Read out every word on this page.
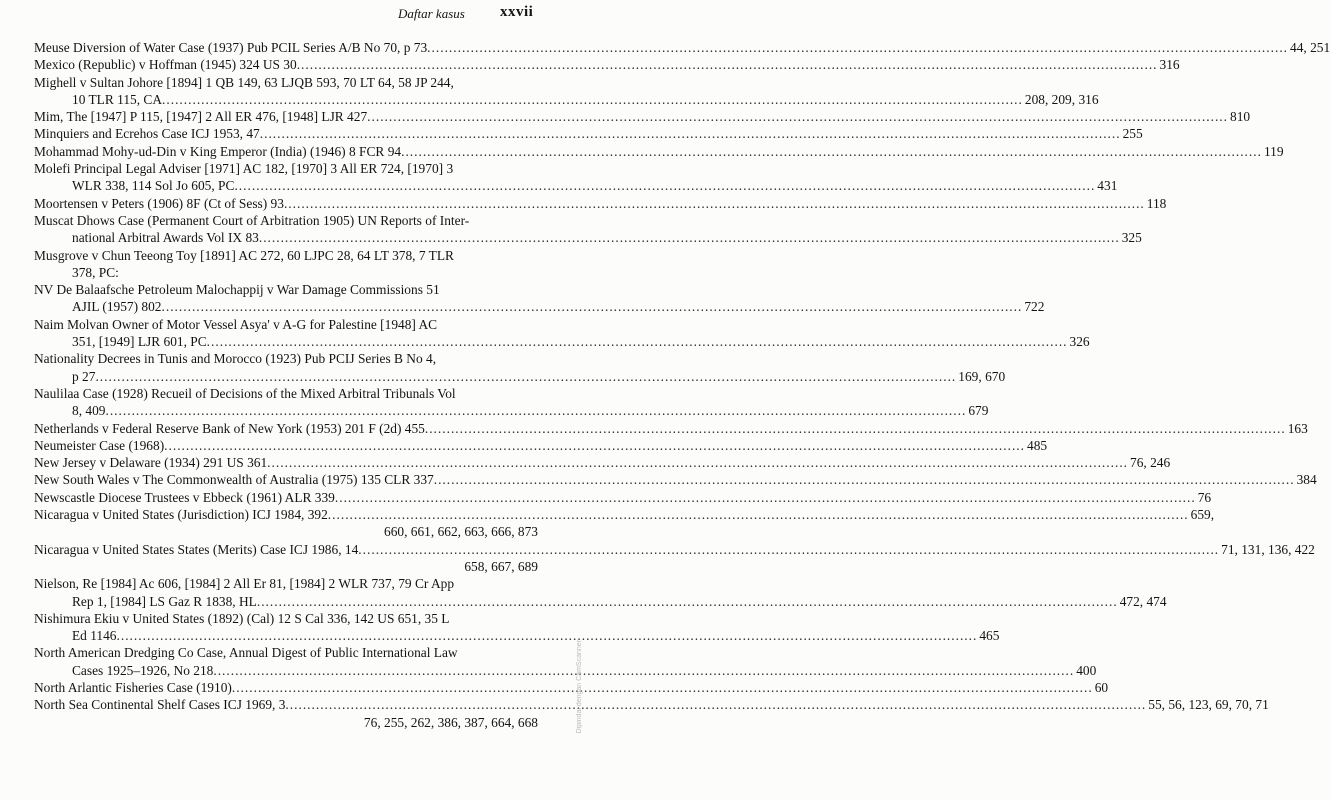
Daftar kasus xxvii
Meuse Diversion of Water Case (1937) Pub PCIL Series A/B No 70, p 73 .....	44, 251
Mexico (Republic) v Hoffman (1945) 324 US 30 .....	316
Mighell v Sultan Johore [1894] 1 QB 149, 63 LJQB 593, 70 LT 64, 58 JP 244,
10 TLR 115, CA .....	208, 209, 316
Mim, The [1947] P 115, [1947] 2 All ER 476, [1948] LJR 427 .....	810
Minquiers and Ecrehos Case ICJ 1953, 47 .....	255
Mohammad Mohy-ud-Din v King Emperor (India) (1946) 8 FCR 94 .....	119
Molefi Principal Legal Adviser [1971] AC 182, [1970] 3 All ER 724, [1970] 3
WLR 338, 114 Sol Jo 605, PC .....	431
Moortensen v Peters (1906) 8F (Ct of Sess) 93 .....	118
Muscat Dhows Case (Permanent Court of Arbitration 1905) UN Reports of Inter-
national Arbitral Awards Vol IX 83 .....	325
Musgrove v Chun Teeong Toy [1891] AC 272, 60 LJPC 28, 64 LT 378, 7 TLR
378, PC:
NV De Balaafsche Petroleum Malochappij v War Damage Commissions 51
AJIL (1957) 802 .....	722
Naim Molvan Owner of Motor Vessel Asya' v A-G for Palestine [1948] AC
351, [1949] LJR 601, PC .....	326
Nationality Decrees in Tunis and Morocco (1923) Pub PCIJ Series B No 4,
p 27 .....	169, 670
Naulilaa Case (1928) Recueil of Decisions of the Mixed Arbitral Tribunals Vol
8, 409 .....	679
Netherlands v Federal Reserve Bank of New York (1953) 201 F (2d) 455 .....	163
Neumeister Case (1968) .....	485
New Jersey v Delaware (1934) 291 US 361 .....	76, 246
New South Wales v The Commonwealth of Australia (1975) 135 CLR 337 .....	384
Newscastle Diocese Trustees v Ebbeck (1961) ALR 339 .....	76
Nicaragua v United States (Jurisdiction) ICJ 1984, 392 .....	659,
660, 661, 662, 663, 666, 873
Nicaragua v United States States (Merits) Case ICJ 1986, 14 .....	71, 131, 136, 422
658, 667, 689
Nielson, Re [1984] Ac 606, [1984] 2 All Er 81, [1984] 2 WLR 737, 79 Cr App
Rep 1, [1984] LS Gaz R 1838, HL .....	472, 474
Nishimura Ekiu v United States (1892) (Cal) 12 S Cal 336, 142 US 651, 35 L
Ed 1146 .....	465
North American Dredging Co Case, Annual Digest of Public International Law
Cases 1925–1926, No 218 .....	400
North Arlantic Fisheries Case (1910) .....	60
North Sea Continental Shelf Cases ICJ 1969, 3 .....	55, 56, 123, 69, 70, 71
76, 255, 262, 386, 387, 664, 668	Dipindai dengan CamScanner
